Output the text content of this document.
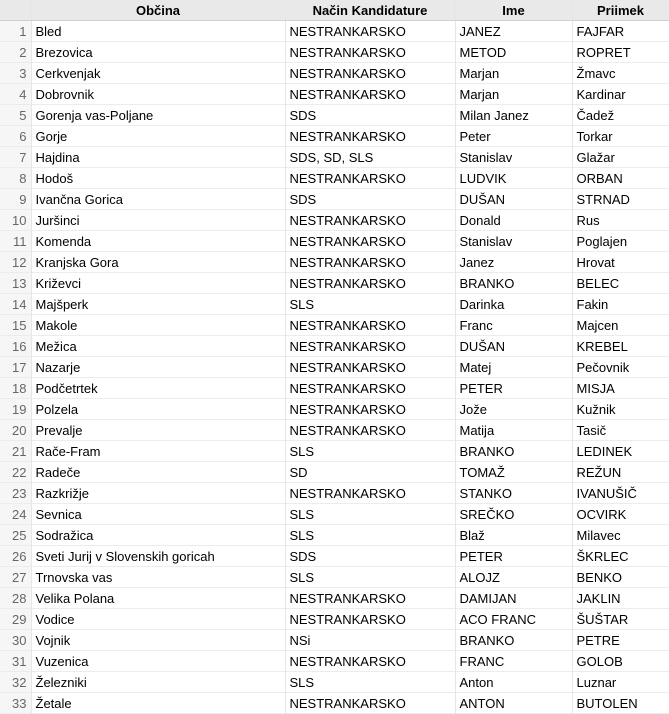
	Občina	Način Kandidature	Ime	Priimek
1	Bled	NESTRANKARSKO	JANEZ	FAJFAR
2	Brezovica	NESTRANKARSKO	METOD	ROPRET
3	Cerkvenjak	NESTRANKARSKO	Marjan	Žmavc
4	Dobrovnik	NESTRANKARSKO	Marjan	Kardinar
5	Gorenja vas-Poljane	SDS	Milan Janez	Čadež
6	Gorje	NESTRANKARSKO	Peter	Torkar
7	Hajdina	SDS, SD, SLS	Stanislav	Glažar
8	Hodoš	NESTRANKARSKO	LUDVIK	ORBAN
9	Ivančna Gorica	SDS	DUŠAN	STRNAD
10	Juršinci	NESTRANKARSKO	Donald	Rus
11	Komenda	NESTRANKARSKO	Stanislav	Poglajen
12	Kranjska Gora	NESTRANKARSKO	Janez	Hrovat
13	Križevci	NESTRANKARSKO	BRANKO	BELEC
14	Majšperk	SLS	Darinka	Fakin
15	Makole	NESTRANKARSKO	Franc	Majcen
16	Mežica	NESTRANKARSKO	DUŠAN	KREBEL
17	Nazarje	NESTRANKARSKO	Matej	Pečovnik
18	Podčetrtek	NESTRANKARSKO	PETER	MISJA
19	Polzela	NESTRANKARSKO	Jože	Kužnik
20	Prevalje	NESTRANKARSKO	Matija	Tasič
21	Rače-Fram	SLS	BRANKO	LEDINEK
22	Radeče	SD	TOMAŽ	REŽUN
23	Razkrižje	NESTRANKARSKO	STANKO	IVANUŠIČ
24	Sevnica	SLS	SREČKO	OCVIRK
25	Sodražica	SLS	Blaž	Milavec
26	Sveti Jurij v Slovenskih goricah	SDS	PETER	ŠKRLEC
27	Trnovska vas	SLS	ALOJZ	BENKO
28	Velika Polana	NESTRANKARSKO	DAMIJAN	JAKLIN
29	Vodice	NESTRANKARSKO	ACO FRANC	ŠUŠTAR
30	Vojnik	NSi	BRANKO	PETRE
31	Vuzenica	NESTRANKARSKO	FRANC	GOLOB
32	Železniki	SLS	Anton	Luznar
33	Žetale	NESTRANKARSKO	ANTON	BUTOLEN
